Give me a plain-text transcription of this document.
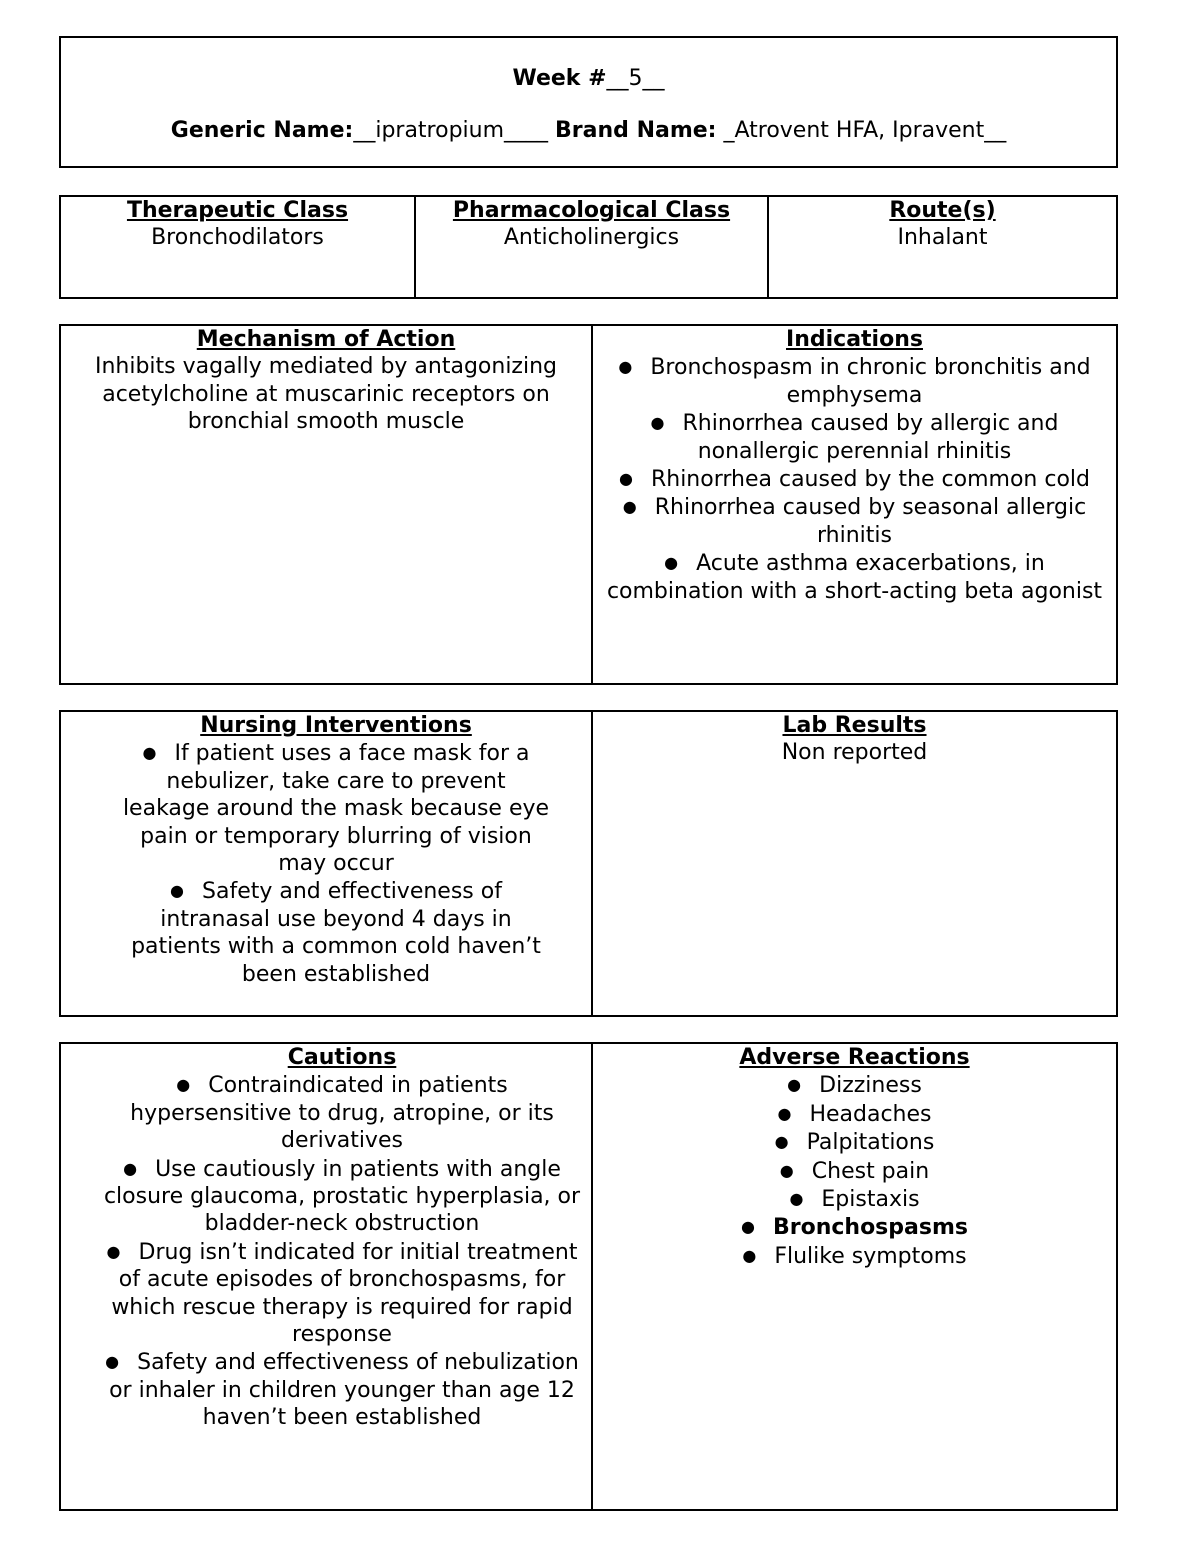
Week #__5__
Generic Name:__ipratropium____ Brand Name: _Atrovent HFA, Ipravent__
Therapeutic Class
Bronchodilators
Pharmacological Class
Anticholinergics
Route(s)
Inhalant
Mechanism of Action
Inhibits vagally mediated by antagonizing acetylcholine at muscarinic receptors on bronchial smooth muscle
Indications
● Bronchospasm in chronic bronchitis and emphysema
● Rhinorrhea caused by allergic and nonallergic perennial rhinitis
● Rhinorrhea caused by the common cold
● Rhinorrhea caused by seasonal allergic rhinitis
● Acute asthma exacerbations, in combination with a short-acting beta agonist
Nursing Interventions
● If patient uses a face mask for a nebulizer, take care to prevent leakage around the mask because eye pain or temporary blurring of vision may occur
● Safety and effectiveness of intranasal use beyond 4 days in patients with a common cold haven’t been established
Lab Results
Non reported
Cautions
● Contraindicated in patients hypersensitive to drug, atropine, or its derivatives
● Use cautiously in patients with angle closure glaucoma, prostatic hyperplasia, or bladder-neck obstruction
● Drug isn’t indicated for initial treatment of acute episodes of bronchospasms, for which rescue therapy is required for rapid response
● Safety and effectiveness of nebulization or inhaler in children younger than age 12 haven’t been established
Adverse Reactions
● Dizziness
● Headaches
● Palpitations
● Chest pain
● Epistaxis
● Bronchospasms
● Flulike symptoms
